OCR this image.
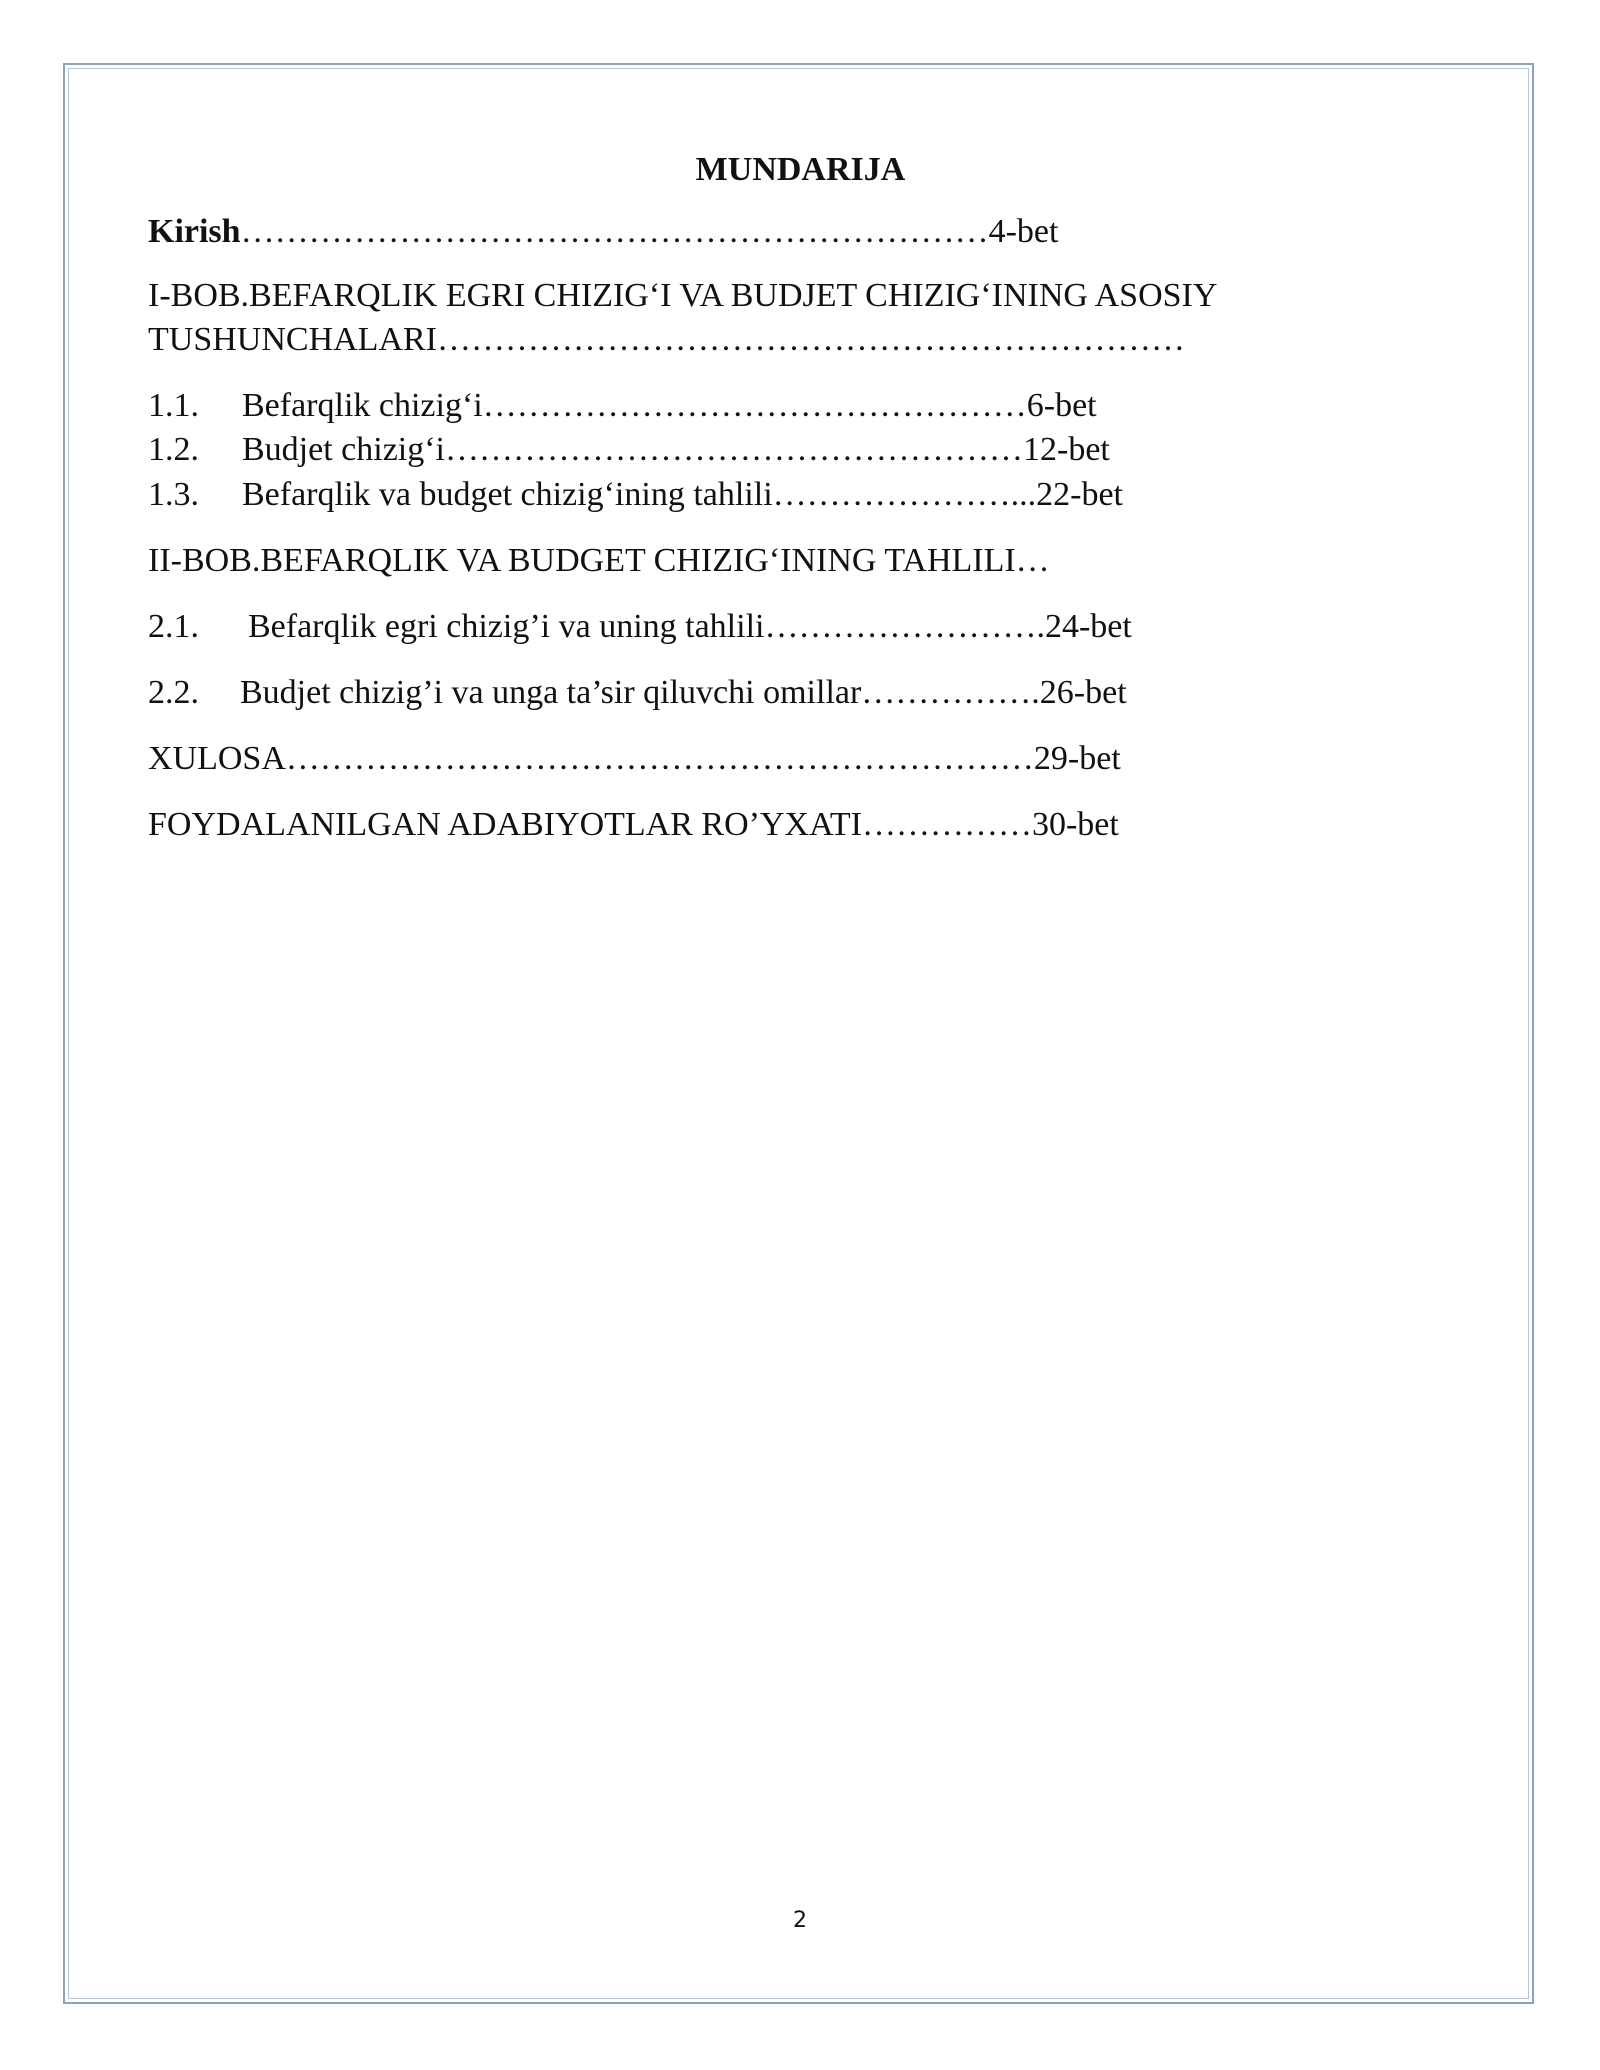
MUNDARIJA
Kirish…………………………………………………………4-bet
I-BOB.BEFARQLIK EGRI CHIZIG‘I VA BUDJET CHIZIG‘INING ASOSIY
TUSHUNCHALARI…………………………………………………………
1.1. Befarqlik chizig‘i…………………………………………6-bet
1.2. Budjet chizig‘i……………………………………………12-bet
1.3. Befarqlik va budget chizig‘ining tahlili…………………...22-bet
II-BOB.BEFARQLIK VA BUDGET CHIZIG‘INING TAHLILI…
2.1. Befarqlik egri chizig’i va uning tahlili…………………….24-bet
2.2. Budjet chizig’i va unga ta’sir qiluvchi omillar…………….26-bet
XULOSA…………………………………………………………29-bet
FOYDALANILGAN ADABIYOTLAR RO’YXATI……………30-bet
2
